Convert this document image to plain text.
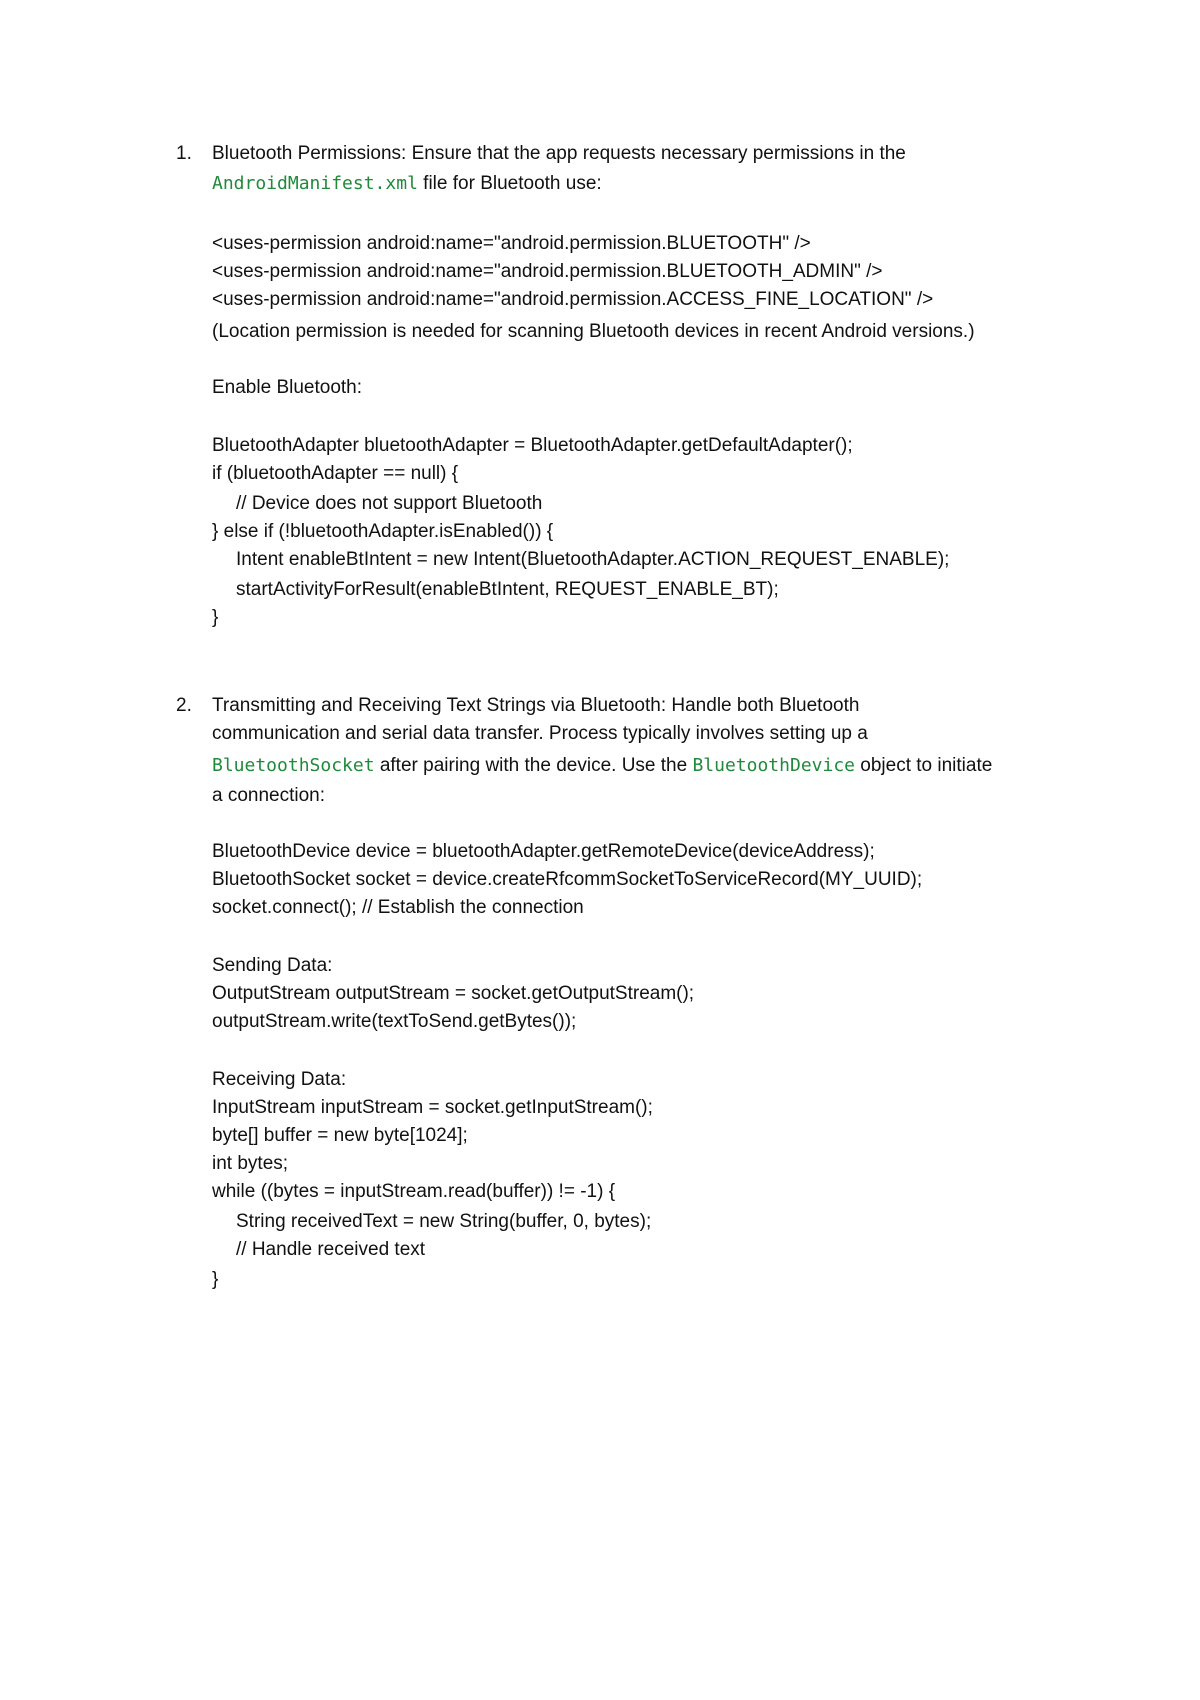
1. Bluetooth Permissions: Ensure that the app requests necessary permissions in the
AndroidManifest.xml file for Bluetooth use:
<uses-permission android:name="android.permission.BLUETOOTH" />
<uses-permission android:name="android.permission.BLUETOOTH_ADMIN" />
<uses-permission android:name="android.permission.ACCESS_FINE_LOCATION" />
(Location permission is needed for scanning Bluetooth devices in recent Android versions.)
Enable Bluetooth:
BluetoothAdapter bluetoothAdapter = BluetoothAdapter.getDefaultAdapter();
if (bluetoothAdapter == null) {
// Device does not support Bluetooth
} else if (!bluetoothAdapter.isEnabled()) {
Intent enableBtIntent = new Intent(BluetoothAdapter.ACTION_REQUEST_ENABLE);
startActivityForResult(enableBtIntent, REQUEST_ENABLE_BT);
}
2. Transmitting and Receiving Text Strings via Bluetooth: Handle both Bluetooth
communication and serial data transfer. Process typically involves setting up a
BluetoothSocket after pairing with the device. Use the BluetoothDevice object to initiate
a connection:
BluetoothDevice device = bluetoothAdapter.getRemoteDevice(deviceAddress);
BluetoothSocket socket = device.createRfcommSocketToServiceRecord(MY_UUID);
socket.connect(); // Establish the connection
Sending Data:
OutputStream outputStream = socket.getOutputStream();
outputStream.write(textToSend.getBytes());
Receiving Data:
InputStream inputStream = socket.getInputStream();
byte[] buffer = new byte[1024];
int bytes;
while ((bytes = inputStream.read(buffer)) != -1) {
String receivedText = new String(buffer, 0, bytes);
// Handle received text
}
